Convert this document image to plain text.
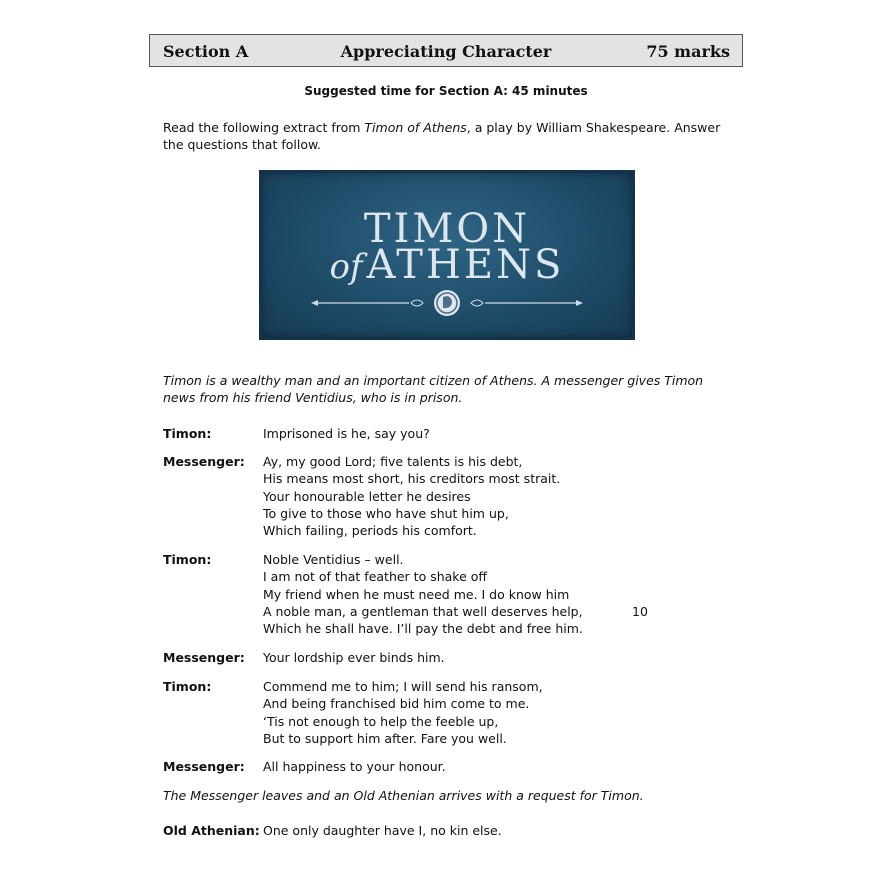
Section A	Appreciating Character	75 marks
Suggested time for Section A: 45 minutes
Read the following extract from Timon of Athens, a play by William Shakespeare. Answer the questions that follow.
TIMON
of ATHENS
Timon is a wealthy man and an important citizen of Athens. A messenger gives Timon news from his friend Ventidius, who is in prison.
Timon:	Imprisoned is he, say you?
Messenger: Ay, my good Lord; five talents is his debt,
His means most short, his creditors most strait.
Your honourable letter he desires
To give to those who have shut him up,
Which failing, periods his comfort.
Timon:	Noble Ventidius – well.
I am not of that feather to shake off
My friend when he must need me. I do know him
A noble man, a gentleman that well deserves help,
Which he shall have. I’ll pay the debt and free him.
10
Messenger: Your lordship ever binds him.
Timon:	Commend me to him; I will send his ransom,
And being franchised bid him come to me.
‘Tis not enough to help the feeble up,
But to support him after. Fare you well.
Messenger: All happiness to your honour.
Old Athenian: One only daughter have I, no kin else.
The Messenger leaves and an Old Athenian arrives with a request for Timon.
